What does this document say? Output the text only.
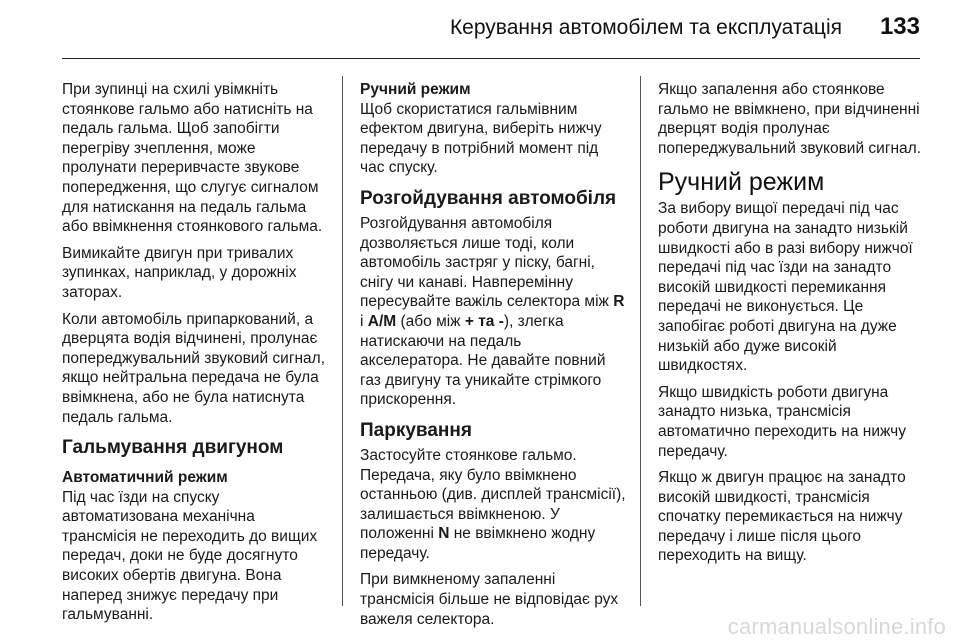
Керування автомобілем та експлуатація 133

При зупинці на схилі увімкніть стоянкове гальмо або натисніть на педаль гальма. Щоб запобігти перегріву зчеплення, може пролунати переривчасте звукове попередження, що слугує сигналом для натискання на педаль гальма або ввімкнення стоянкового гальма.

Вимикайте двигун при тривалих зупинках, наприклад, у дорожніх заторах.

Коли автомобіль припаркований, а дверцята водія відчинені, пролунає попереджувальний звуковий сигнал, якщо нейтральна передача не була ввімкнена, або не була натиснута педаль гальма.

Гальмування двигуном
Автоматичний режим

Під час їзди на спуску автоматизована механічна трансмісія не переходить до вищих передач, доки не буде досягнуто високих обертів двигуна. Вона наперед знижує передачу при гальмуванні.

Ручний режим

Щоб скористатися гальмівним ефектом двигуна, виберіть нижчу передачу в потрібний момент під час спуску.

Розгойдування автомобіля

Розгойдування автомобіля дозволяється лише тоді, коли автомобіль застряг у піску, багні, снігу чи канаві. Навперемінну пересувайте важіль селектора між R і A/M (або між + та -), злегка натискаючи на педаль акселератора. Не давайте повний газ двигуну та уникайте стрімкого прискорення.

Паркування

Застосуйте стоянкове гальмо. Передача, яку було ввімкнено останньою (див. дисплей трансмісії), залишається ввімкненою. У положенні N не ввімкнено жодну передачу.

При вимкненому запаленні трансмісія більше не відповідає рух важеля селектора.

Якщо запалення або стоянкове гальмо не ввімкнено, при відчиненні дверцят водія пролунає попереджувальний звуковий сигнал.

Ручний режим

За вибору вищої передачі під час роботи двигуна на занадто низькій швидкості або в разі вибору нижчої передачі під час їзди на занадто високій швидкості перемикання передачі не виконується. Це запобігає роботі двигуна на дуже низькій або дуже високій швидкостях.

Якщо швидкість роботи двигуна занадто низька, трансмісія автоматично переходить на нижчу передачу.

Якщо ж двигун працює на занадто високій швидкості, трансмісія спочатку перемикається на нижчу передачу і лише після цього переходить на вищу.

carmanualsonline.info
